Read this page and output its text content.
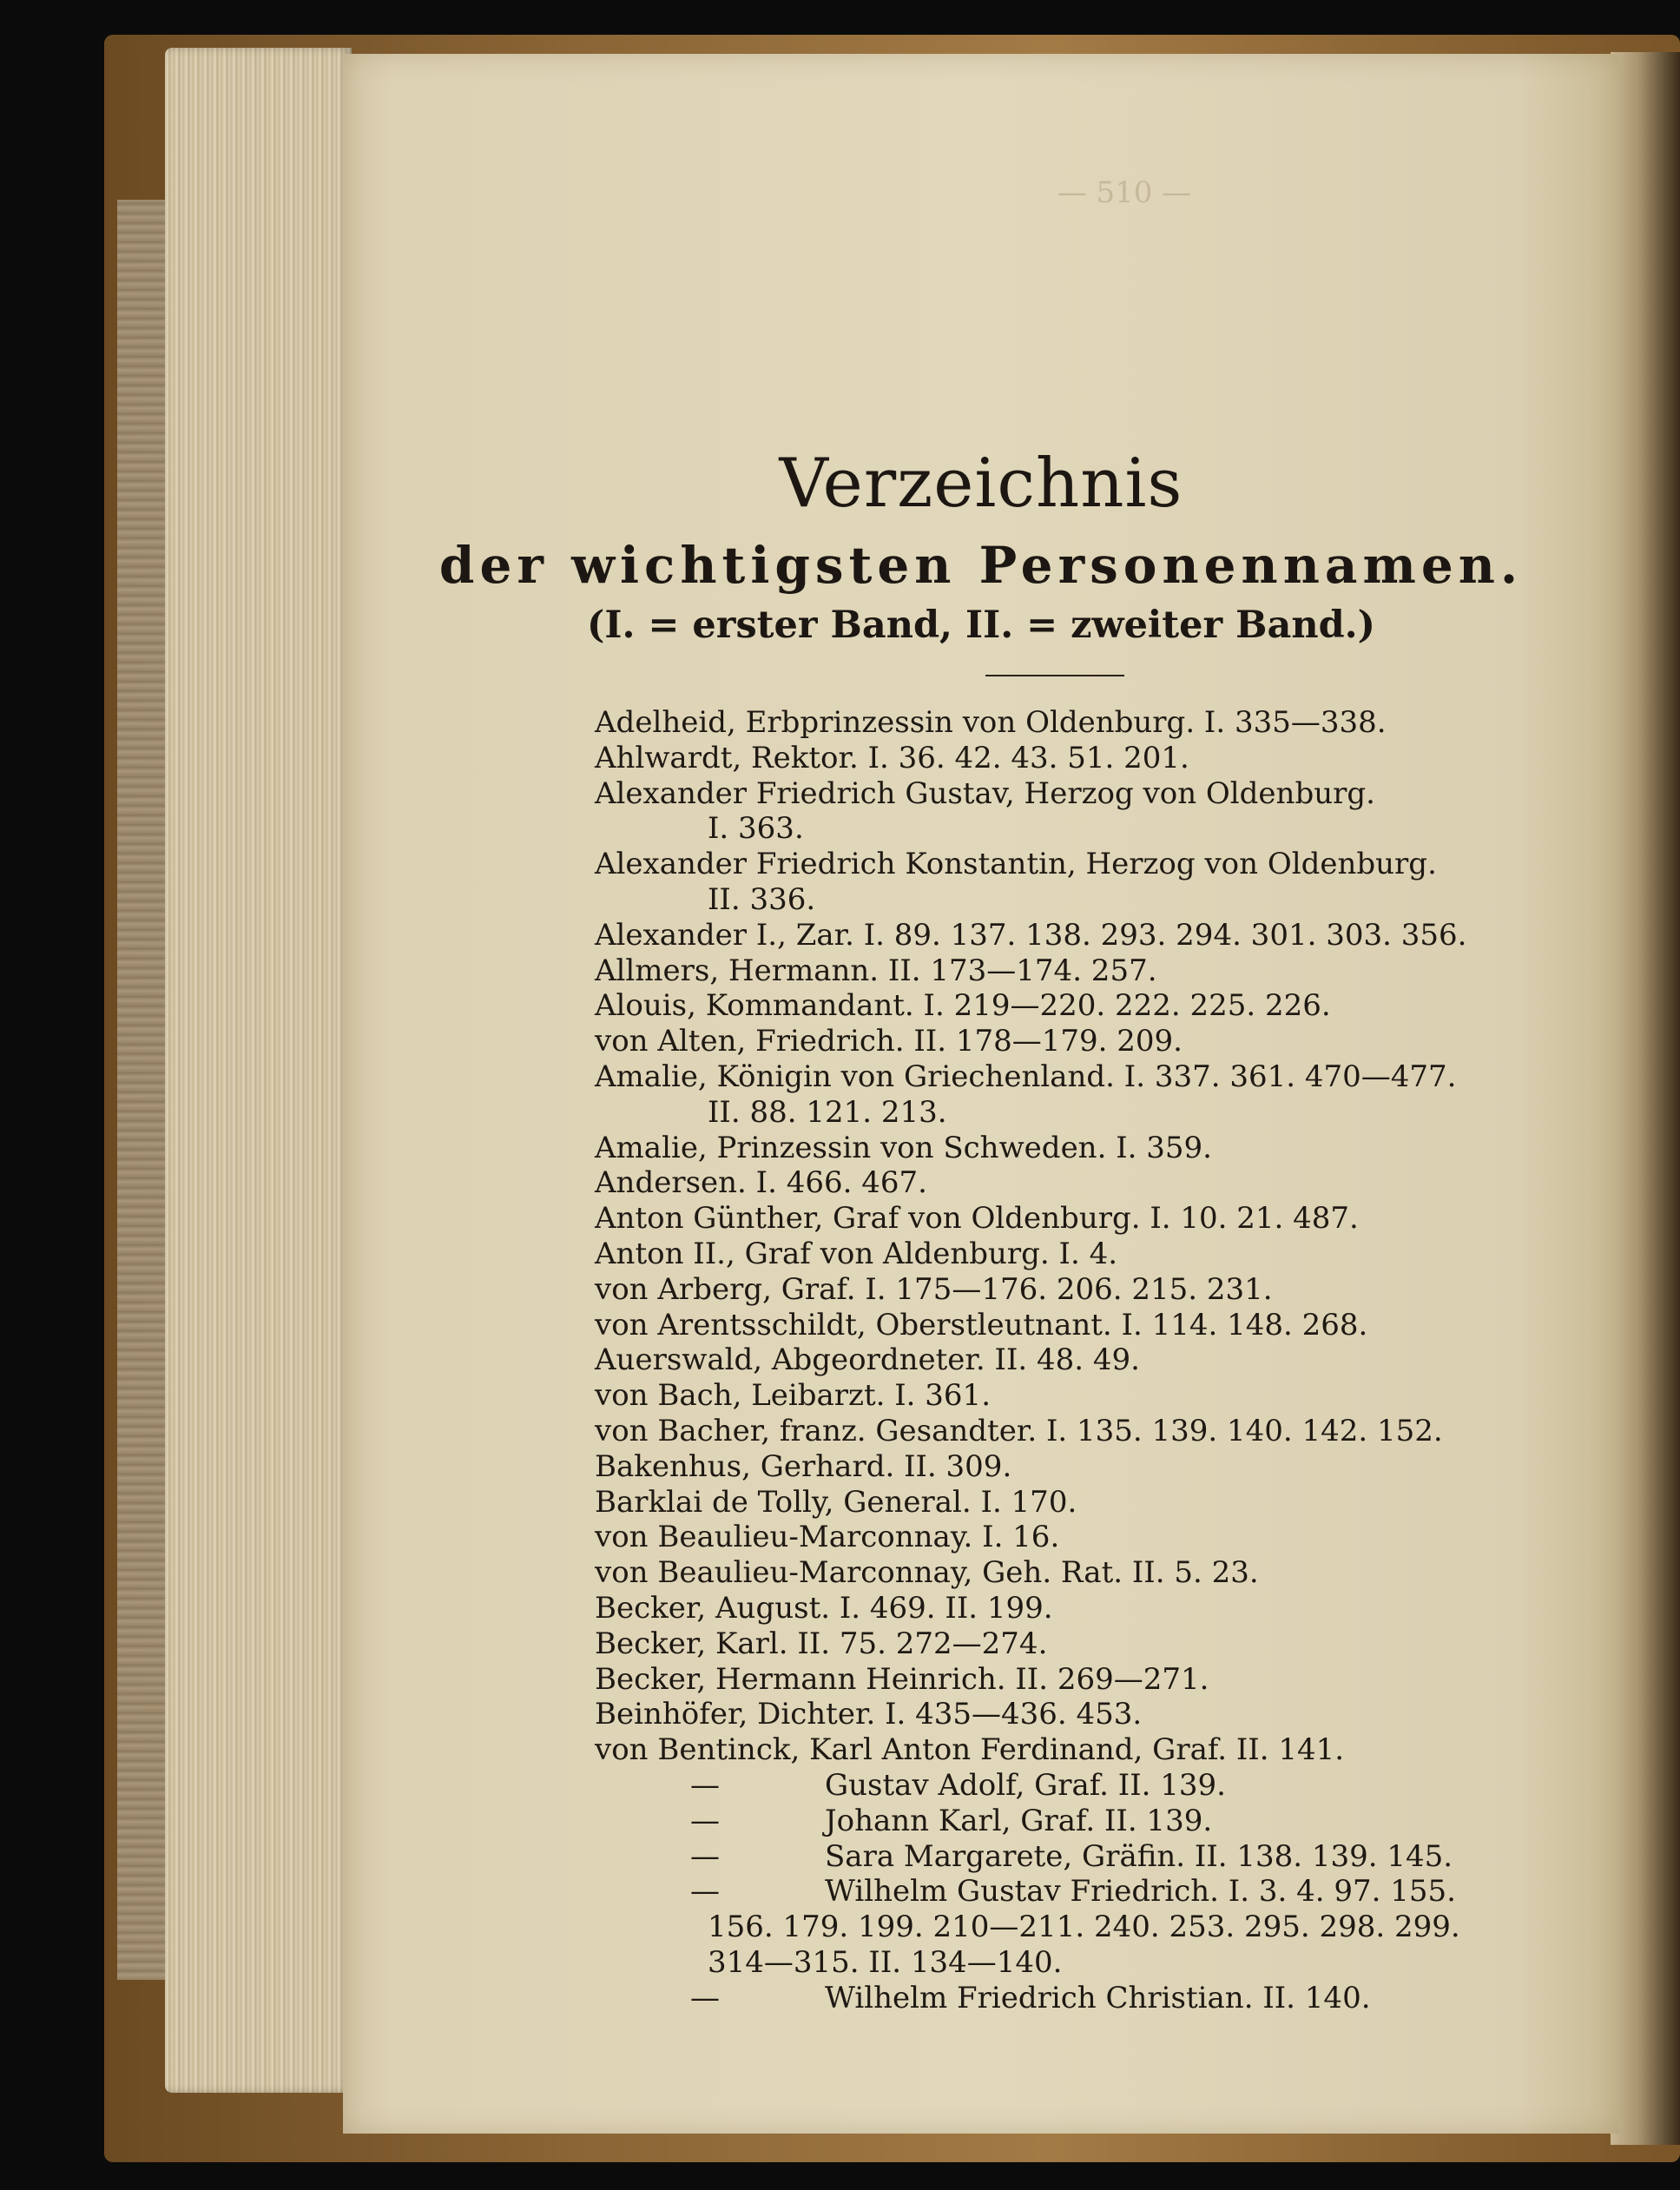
— 510 —
Verzeichnis
der wichtigsten Personennamen.
(I. = erster Band, II. = zweiter Band.)
Adelheid, Erbprinzessin von Oldenburg. I. 335—338.
Ahlwardt, Rektor. I. 36. 42. 43. 51. 201.
Alexander Friedrich Gustav, Herzog von Oldenburg.
I. 363.
Alexander Friedrich Konstantin, Herzog von Oldenburg.
II. 336.
Alexander I., Zar. I. 89. 137. 138. 293. 294. 301. 303. 356.
Allmers, Hermann. II. 173—174. 257.
Alouis, Kommandant. I. 219—220. 222. 225. 226.
von Alten, Friedrich. II. 178—179. 209.
Amalie, Königin von Griechenland. I. 337. 361. 470—477.
II. 88. 121. 213.
Amalie, Prinzessin von Schweden. I. 359.
Andersen. I. 466. 467.
Anton Günther, Graf von Oldenburg. I. 10. 21. 487.
Anton II., Graf von Aldenburg. I. 4.
von Arberg, Graf. I. 175—176. 206. 215. 231.
von Arentsschildt, Oberstleutnant. I. 114. 148. 268.
Auerswald, Abgeordneter. II. 48. 49.
von Bach, Leibarzt. I. 361.
von Bacher, franz. Gesandter. I. 135. 139. 140. 142. 152.
Bakenhus, Gerhard. II. 309.
Barklai de Tolly, General. I. 170.
von Beaulieu-Marconnay. I. 16.
von Beaulieu-Marconnay, Geh. Rat. II. 5. 23.
Becker, August. I. 469. II. 199.
Becker, Karl. II. 75. 272—274.
Becker, Hermann Heinrich. II. 269—271.
Beinhöfer, Dichter. I. 435—436. 453.
von Bentinck, Karl Anton Ferdinand, Graf. II. 141.
—	Gustav Adolf, Graf. II. 139.
—	Johann Karl, Graf. II. 139.
—	Sara Margarete, Gräfin. II. 138. 139. 145.
—	Wilhelm Gustav Friedrich. I. 3. 4. 97. 155.
156. 179. 199. 210—211. 240. 253. 295. 298. 299.
314—315. II. 134—140.
—	Wilhelm Friedrich Christian. II. 140.
